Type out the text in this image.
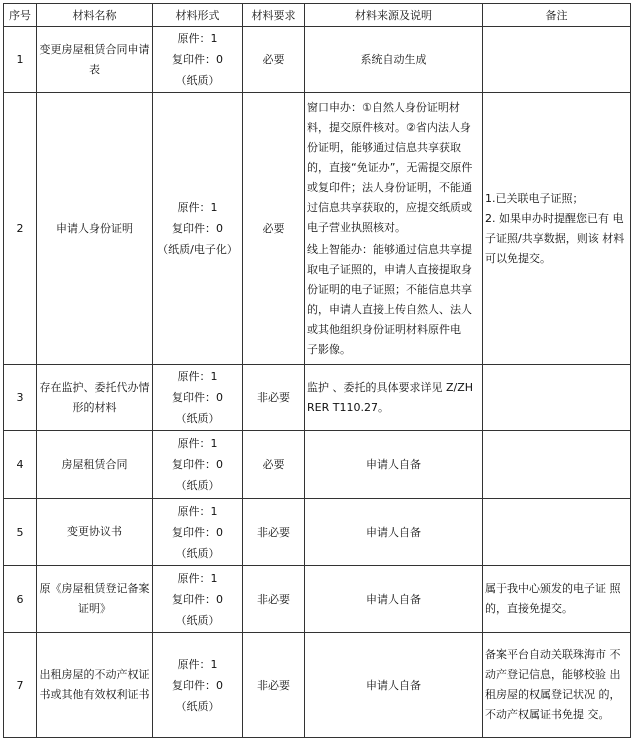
序号	材料名称	材料形式	材料要求	材料来源及说明	备注
1	变更房屋租赁合同申请表	原件：1
复印件：0
（纸质）	必要	系统自动生成	
2	申请人身份证明	原件：1
复印件：0
（纸质/电子化）	必要	窗口申办：①自然人身份证明材料，提交原件核对。②省内法人身份证明，能够通过信息共享获取的，直接“免证办”，无需提交原件或复印件；法人身份证明，不能通过信息共享获取的，应提交纸质或电子营业执照核对。
线上智能办：能够通过信息共享提取电子证照的，申请人直接提取身份证明的电子证照；不能信息共享的，申请人直接上传自然人、法人或其他组织身份证明材料原件电　子影像。	1.已关联电子证照；
2. 如果申办时提醒您已有 电子证照/共享数据，则该 材料可以免提交。

3	存在监护、委托代办情形的材料	原件：1
复印件：0
（纸质）	非必要	监护 、委托的具体要求详见 Z/ZHRER T110.27。	

4	房屋租赁合同	原件：1
复印件：0
（纸质）	必要	申请人自备	
5	变更协议书	原件：1
复印件：0
（纸质）	非必要	申请人自备	
6	原《房屋租赁登记备案证明》	原件：1
复印件：0
（纸质）	非必要	申请人自备	属于我中心颁发的电子证 照的，直接免提交。

7	出租房屋的不动产权证书或其他有效权利证书	原件：1
复印件：0
（纸质）	非必要	申请人自备	备案平台自动关联珠海市 不动产登记信息，能够校验 出租房屋的权属登记状况 的，不动产权属证书免提 交。
